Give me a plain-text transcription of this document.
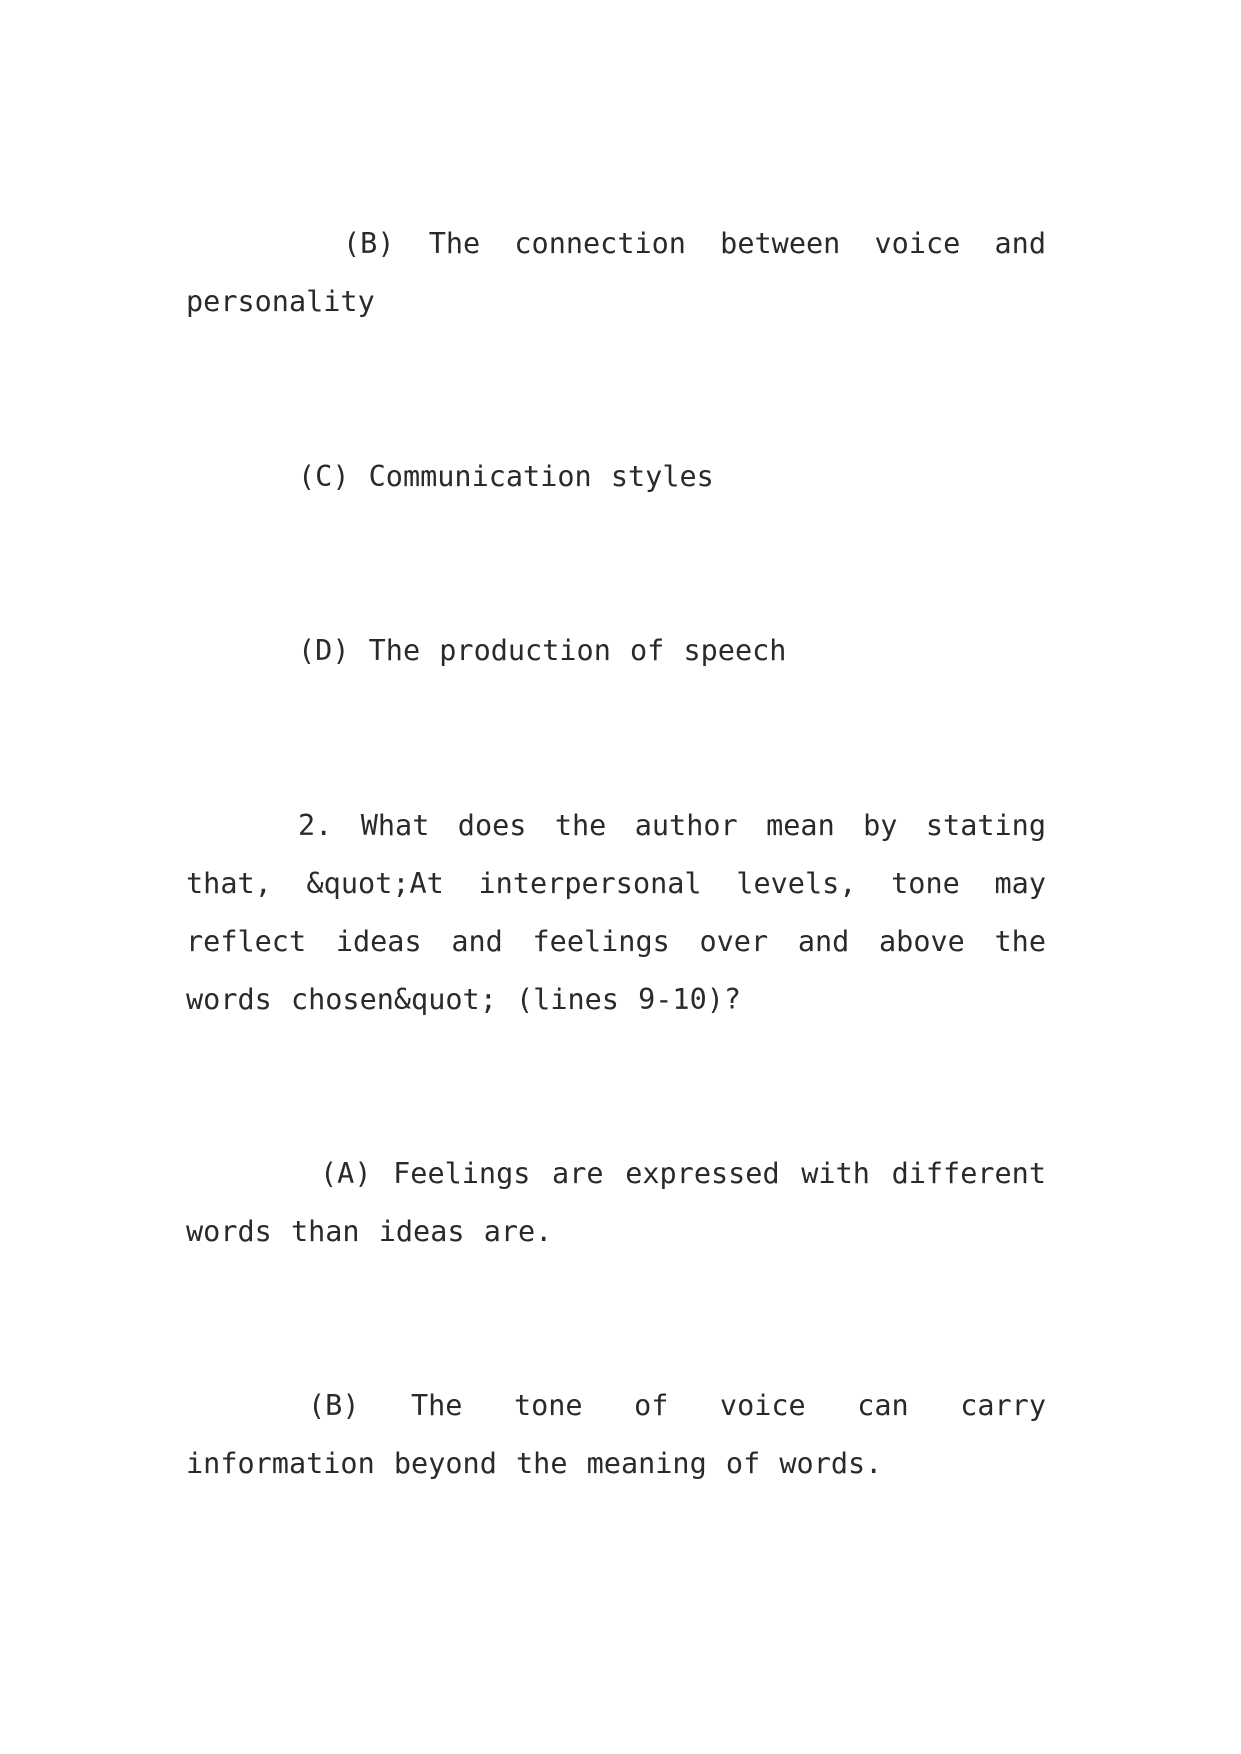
(B) The connection between voice and personality

(C) Communication styles

(D) The production of speech

2. What does the author mean by stating that, &quot;At interpersonal levels, tone may reflect ideas and feelings over and above the words chosen&quot; (lines 9-10)?

(A) Feelings are expressed with different words than ideas are.

(B) The tone of voice can carry information beyond the meaning of words.
